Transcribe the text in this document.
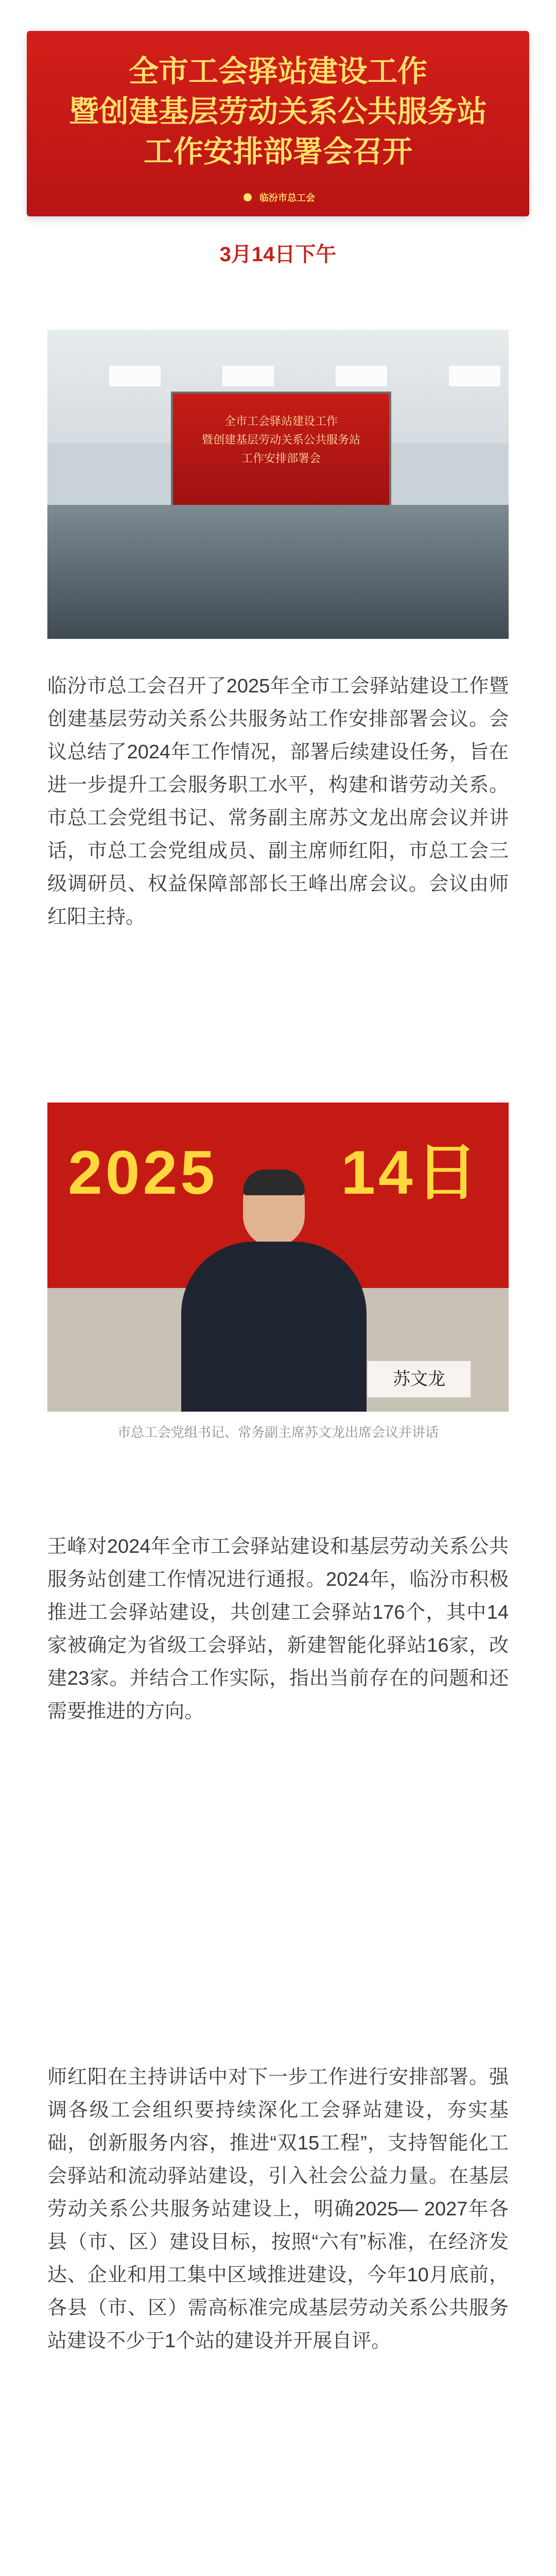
全市工会驿站建设工作
暨创建基层劳动关系公共服务站
工作安排部署会召开
临汾市总工会
3月14日下午
全市工会驿站建设工作
暨创建基层劳动关系公共服务站
工作安排部署会
临汾市总工会召开了2025年全市工会驿站建设工作暨创建基层劳动关系公共服务站工作安排部署会议。会议总结了2024年工作情况，部署后续建设任务，旨在进一步提升工会服务职工水平，构建和谐劳动关系。市总工会党组书记、常务副主席苏文龙出席会议并讲话，市总工会党组成员、副主席师红阳，市总工会三级调研员、权益保障部部长王峰出席会议。会议由师红阳主持。
2025 14日
苏文龙
市总工会党组书记、常务副主席苏文龙出席会议并讲话
王峰对2024年全市工会驿站建设和基层劳动关系公共服务站创建工作情况进行通报。2024年，临汾市积极推进工会驿站建设，共创建工会驿站176个，其中14家被确定为省级工会驿站，新建智能化驿站16家，改建23家。并结合工作实际，指出当前存在的问题和还需要推进的方向。
师红阳在主持讲话中对下一步工作进行安排部署。强调各级工会组织要持续深化工会驿站建设，夯实基础，创新服务内容，推进“双15工程”，支持智能化工会驿站和流动驿站建设，引入社会公益力量。在基层劳动关系公共服务站建设上，明确2025— 2027年各县（市、区）建设目标，按照“六有”标准，在经济发达、企业和用工集中区域推进建设，今年10月底前，各县（市、区）需高标准完成基层劳动关系公共服务站建设不少于1个站的建设并开展自评。
